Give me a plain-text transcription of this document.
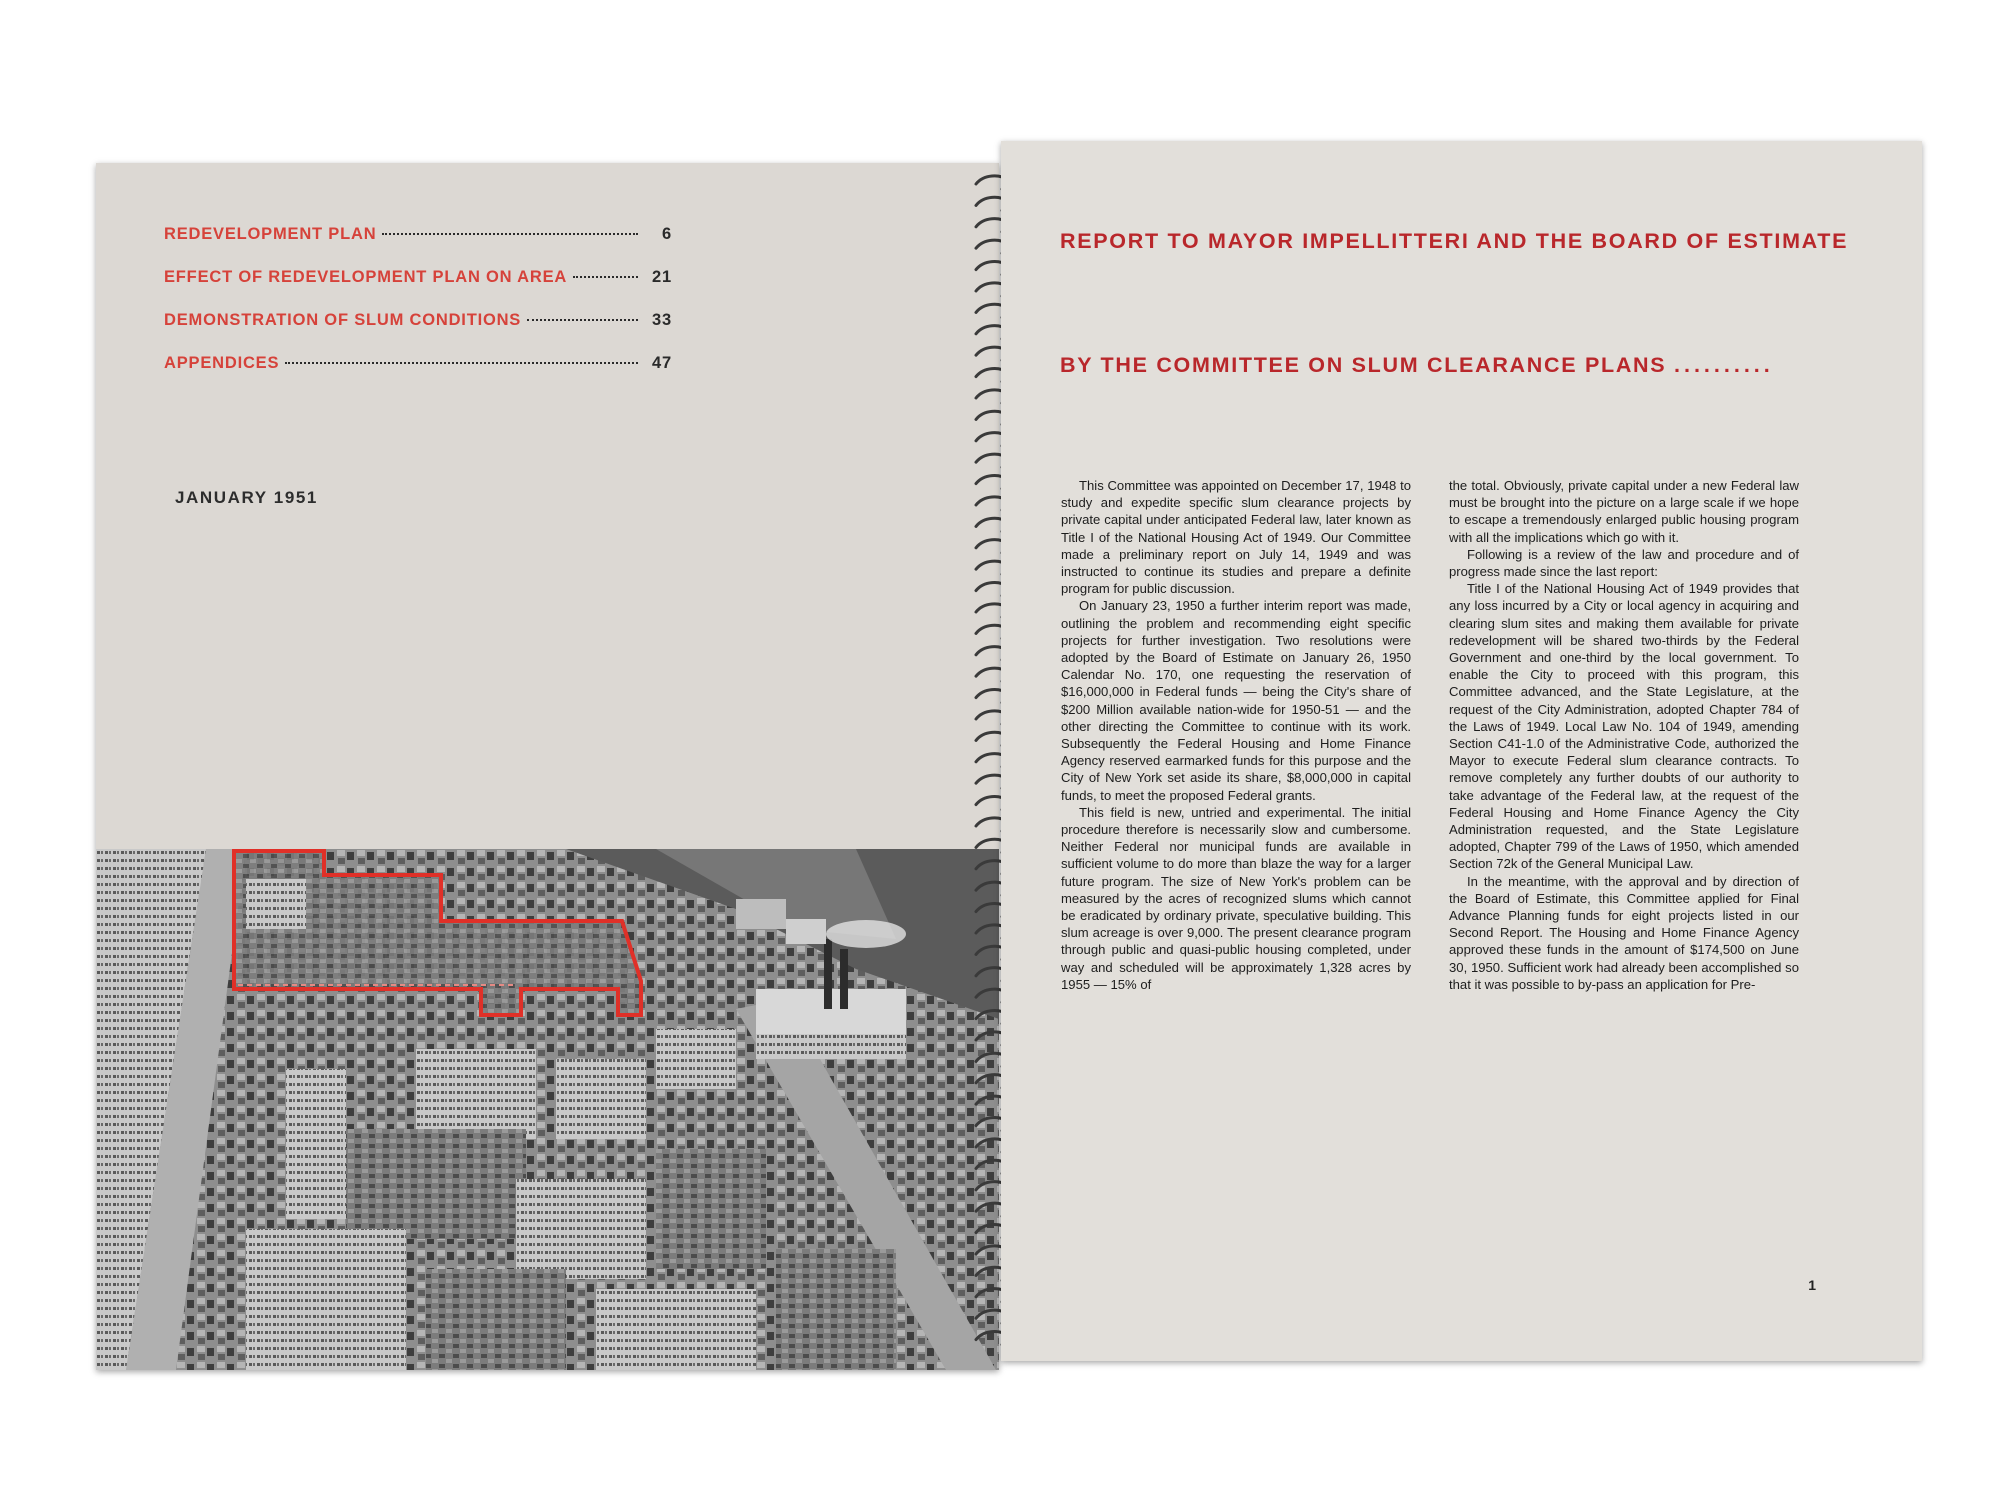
REDEVELOPMENT PLAN	6
EFFECT OF REDEVELOPMENT PLAN ON AREA	21
DEMONSTRATION OF SLUM CONDITIONS	33
APPENDICES	47
JANUARY 1951
REPORT TO MAYOR IMPELLITTERI AND THE BOARD OF ESTIMATE
BY THE COMMITTEE ON SLUM CLEARANCE PLANS ..........

This Committee was appointed on December 17, 1948 to study and expedite specific slum clearance projects by private capital under anticipated Federal law, later known as Title I of the National Housing Act of 1949. Our Committee made a preliminary report on July 14, 1949 and was instructed to continue its studies and prepare a definite program for public discussion.

On January 23, 1950 a further interim report was made, outlining the problem and recommending eight specific projects for further investigation. Two resolutions were adopted by the Board of Estimate on January 26, 1950 Calendar No. 170, one requesting the reservation of $16,000,000 in Federal funds — being the City's share of $200 Million available nation-wide for 1950-51 — and the other directing the Committee to continue with its work. Subsequently the Federal Housing and Home Finance Agency reserved earmarked funds for this purpose and the City of New York set aside its share, $8,000,000 in capital funds, to meet the proposed Federal grants.

This field is new, untried and experimental. The initial procedure therefore is necessarily slow and cumbersome. Neither Federal nor municipal funds are available in sufficient volume to do more than blaze the way for a larger future program. The size of New York's problem can be measured by the acres of recognized slums which cannot be eradicated by ordinary private, speculative building. This slum acreage is over 9,000. The present clearance program through public and quasi-public housing completed, under way and scheduled will be approximately 1,328 acres by 1955 — 15% of

the total. Obviously, private capital under a new Federal law must be brought into the picture on a large scale if we hope to escape a tremendously enlarged public housing program with all the implications which go with it.

Following is a review of the law and procedure and of progress made since the last report:

Title I of the National Housing Act of 1949 provides that any loss incurred by a City or local agency in acquiring and clearing slum sites and making them available for private redevelopment will be shared two-thirds by the Federal Government and one-third by the local government. To enable the City to proceed with this program, this Committee advanced, and the State Legislature, at the request of the City Administration, adopted Chapter 784 of the Laws of 1949. Local Law No. 104 of 1949, amending Section C41-1.0 of the Administrative Code, authorized the Mayor to execute Federal slum clearance contracts. To remove completely any further doubts of our authority to take advantage of the Federal law, at the request of the Federal Housing and Home Finance Agency the City Administration requested, and the State Legislature adopted, Chapter 799 of the Laws of 1950, which amended Section 72k of the General Municipal Law.

In the meantime, with the approval and by direction of the Board of Estimate, this Committee applied for Final Advance Planning funds for eight projects listed in our Second Report. The Housing and Home Finance Agency approved these funds in the amount of $174,500 on June 30, 1950. Sufficient work had already been accomplished so that it was possible to by-pass an application for Pre-

1
